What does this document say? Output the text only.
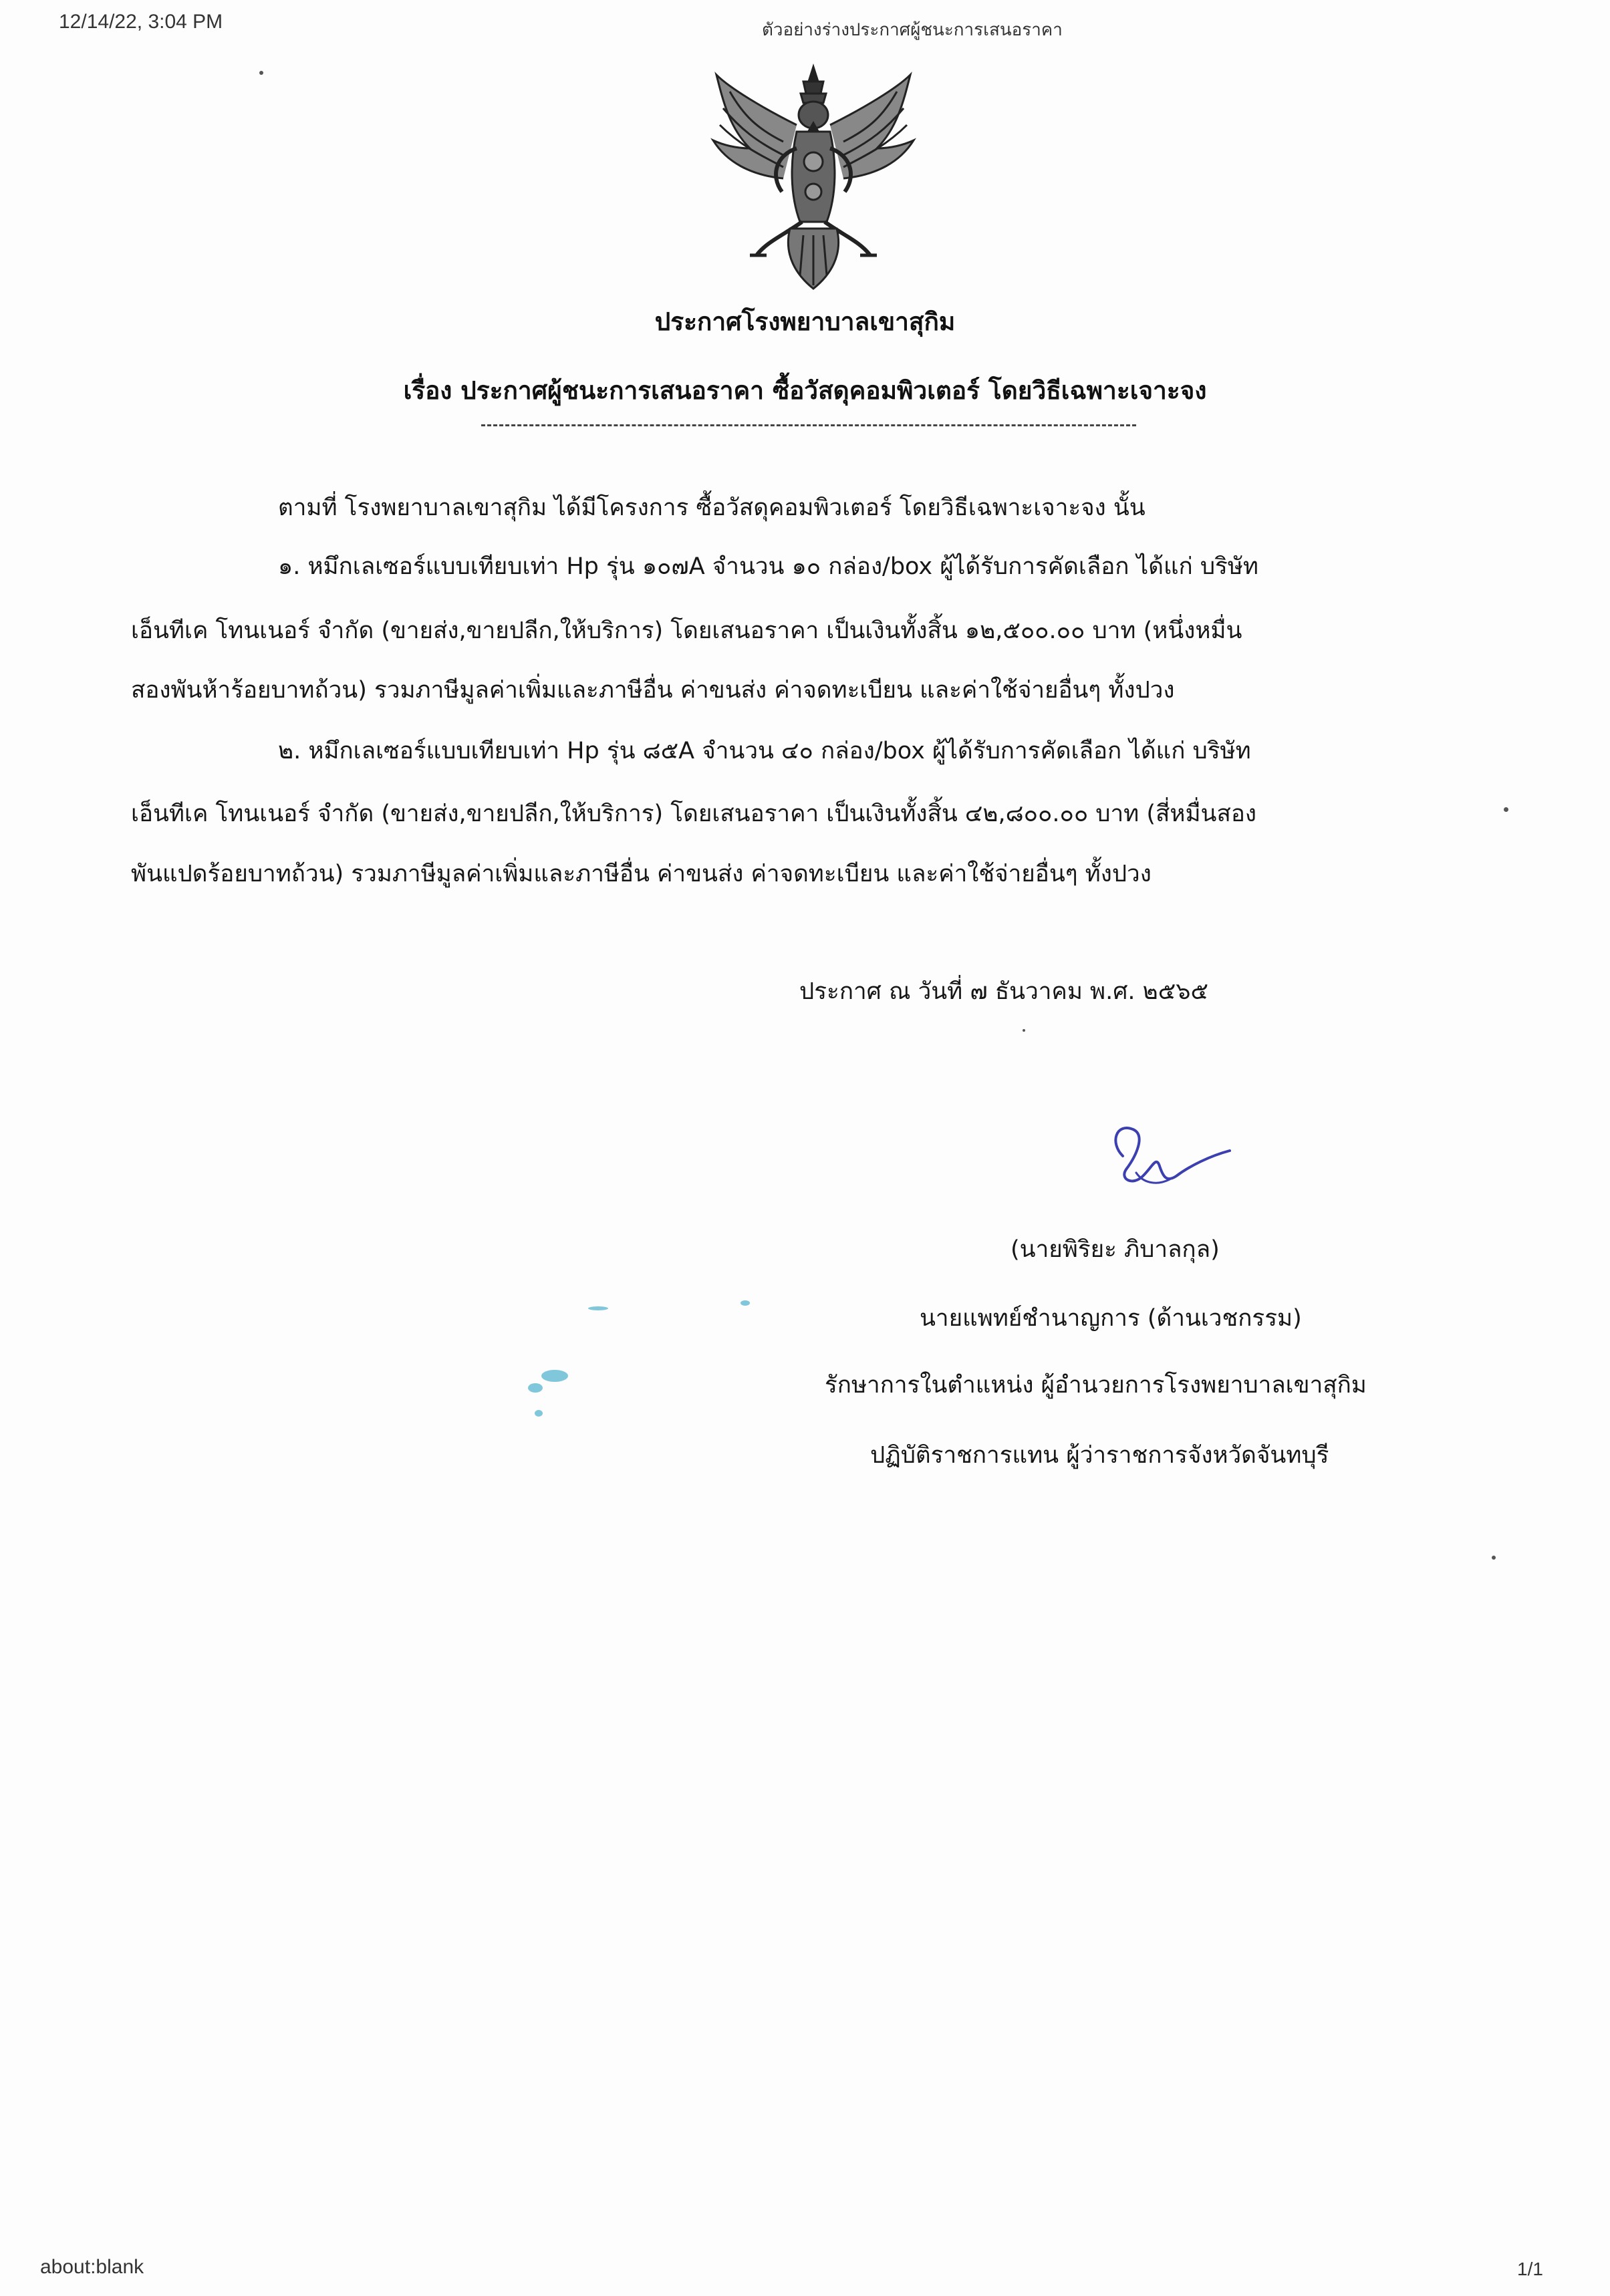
12/14/22, 3:04 PM	ตัวอย่างร่างประกาศผู้ชนะการเสนอราคา
ประกาศโรงพยาบาลเขาสุกิม
เรื่อง ประกาศผู้ชนะการเสนอราคา ซื้อวัสดุคอมพิวเตอร์ โดยวิธีเฉพาะเจาะจง
ตามที่ โรงพยาบาลเขาสุกิม ได้มีโครงการ ซื้อวัสดุคอมพิวเตอร์ โดยวิธีเฉพาะเจาะจง นั้น
๑. หมึกเลเซอร์แบบเทียบเท่า Hp รุ่น ๑๐๗A จำนวน ๑๐ กล่อง/box ผู้ได้รับการคัดเลือก ได้แก่ บริษัท
เอ็นทีเค โทนเนอร์ จำกัด (ขายส่ง,ขายปลีก,ให้บริการ) โดยเสนอราคา เป็นเงินทั้งสิ้น ๑๒,๕๐๐.๐๐ บาท (หนึ่งหมื่น
สองพันห้าร้อยบาทถ้วน) รวมภาษีมูลค่าเพิ่มและภาษีอื่น ค่าขนส่ง ค่าจดทะเบียน และค่าใช้จ่ายอื่นๆ ทั้งปวง
๒. หมึกเลเซอร์แบบเทียบเท่า Hp รุ่น ๘๕A จำนวน ๔๐ กล่อง/box ผู้ได้รับการคัดเลือก ได้แก่ บริษัท
เอ็นทีเค โทนเนอร์ จำกัด (ขายส่ง,ขายปลีก,ให้บริการ) โดยเสนอราคา เป็นเงินทั้งสิ้น ๔๒,๘๐๐.๐๐ บาท (สี่หมื่นสอง
พันแปดร้อยบาทถ้วน) รวมภาษีมูลค่าเพิ่มและภาษีอื่น ค่าขนส่ง ค่าจดทะเบียน และค่าใช้จ่ายอื่นๆ ทั้งปวง
ประกาศ ณ วันที่ ๗ ธันวาคม พ.ศ. ๒๕๖๕
(นายพิริยะ ภิบาลกุล)
นายแพทย์ชำนาญการ (ด้านเวชกรรม)
รักษาการในตำแหน่ง ผู้อำนวยการโรงพยาบาลเขาสุกิม
ปฏิบัติราชการแทน ผู้ว่าราชการจังหวัดจันทบุรี
about:blank	1/1
